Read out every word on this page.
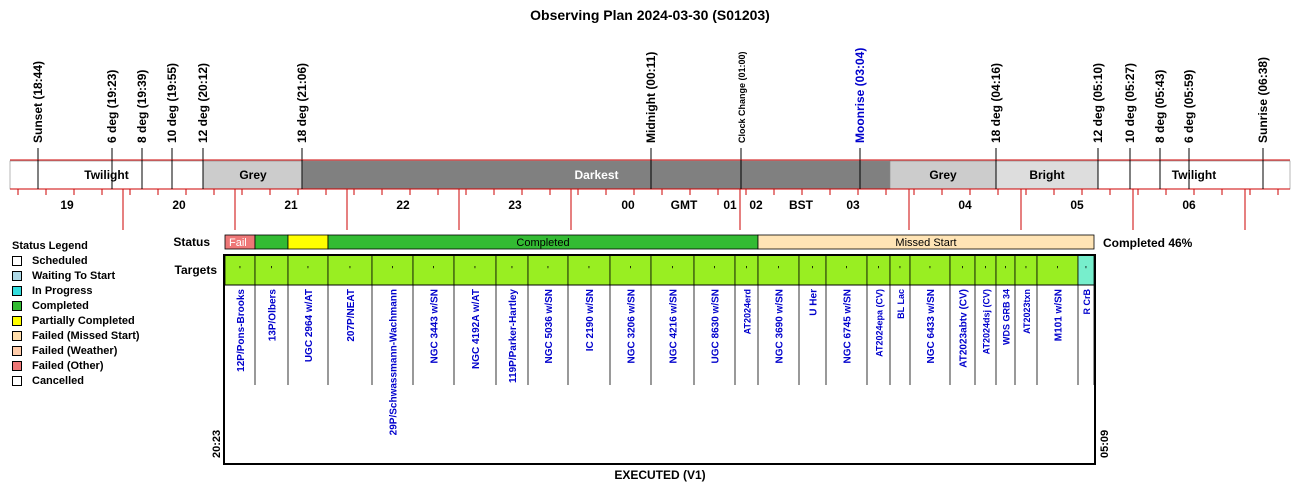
Observing Plan 2024-03-30 (S01203)
Sunset (18:44)	6 deg (19:23) 8 deg (19:39) 10 deg (19:55) 12 deg (20:12)	18 deg (21:06)	Midnight (00:11)	Clock Change (01:00)	Moonrise (03:04)	18 deg (04:16)	12 deg (05:10) 10 deg (05:27) 8 deg (05:43) 6 deg (05:59)	Sunrise (06:38)
Twilight	Grey	Darkest	Grey	Bright	Twilight
19	20	21	22	23	00	GMT 01 02 BST	03	04	05	06
Fail	Completed	Missed Start
'	'	'	'	'	'	'	'	'	'	'	'	'	'	'	'	'	' '	'	' ' ' '	'	'
12P/Pons-Brooks 13P/Olbers	UGC 2964 w/AT	207P/NEAT	29P/Schwassmann-Wachmann	NGC 3443 w/SN	NGC 4192A w/AT	119P/Parker-Hartley	NGC 5036 w/SN	IC 2190 w/SN	NGC 3206 w/SN	NGC 4216 w/SN	UGC 8630 w/SN AT2024erd NGC 3690 w/SN U Her NGC 6745 w/SN AT2024epa (CV) BL Lac NGC 6433 w/SN AT2023abtv (CV) AT2024dsj (CV) WDS GRB 34 AT2023txn M101 w/SN R CrB
Status
Targets
Completed 46%
20:23	05:09
EXECUTED (V1)
Status Legend
Scheduled
Waiting To Start
In Progress
Completed
Partially Completed
Failed (Missed Start)
Failed (Weather)
Failed (Other)
Cancelled
